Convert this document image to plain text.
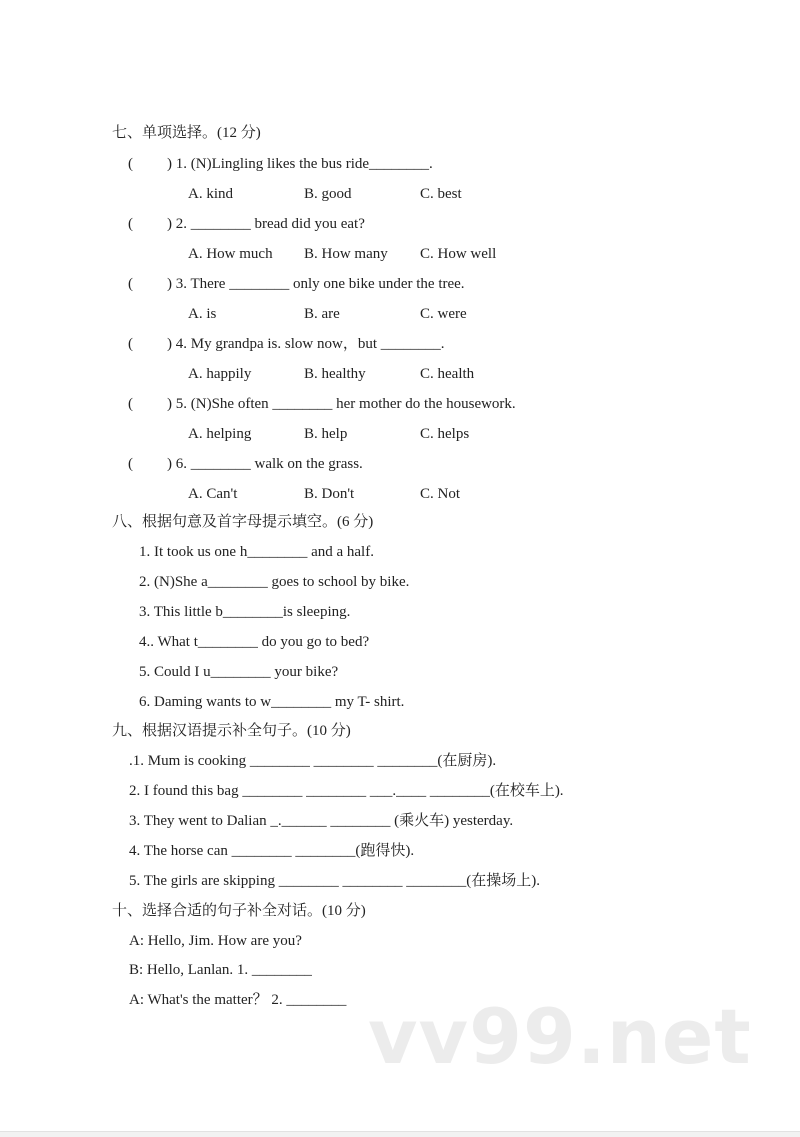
vv99.net
七、单项选择。(12 分)
( ) 1. (N)Lingling likes the bus ride________.
A. kind	B. good	C. best
( ) 2. ________ bread did you eat?
A. How much B. How many C. How well
( ) 3. There ________ only one bike under the tree.
A. is	B. are	C. were
( ) 4. My grandpa is. slow now，but ________.
A. happily	B. healthy	C. health
( ) 5. (N)She often ________ her mother do the housework.
A. helping	B. help	C. helps
( ) 6. ________ walk on the grass.
A. Can't	B. Don't	C. Not
八、根据句意及首字母提示填空。(6 分)
1. It took us one h________ and a half.
2. (N)She a________ goes to school by bike.
3. This little b________is sleeping.
4.. What t________ do you go to bed?
5. Could I u________ your bike?
6. Daming wants to w________ my T- shirt.
九、根据汉语提示补全句子。(10 分)
.1. Mum is cooking ________ ________ ________(在厨房).
2. I found this bag ________ ________ ___.____ ________(在校车上).
3. They went to Dalian _.______ ________ (乘火车) yesterday.
4. The horse can ________ ________(跑得快).
5. The girls are skipping ________ ________ ________(在操场上).
十、选择合适的句子补全对话。(10 分)
A: Hello, Jim. How are you?
B: Hello, Lanlan. 1. ________
A: What's the matter？ 2. ________
